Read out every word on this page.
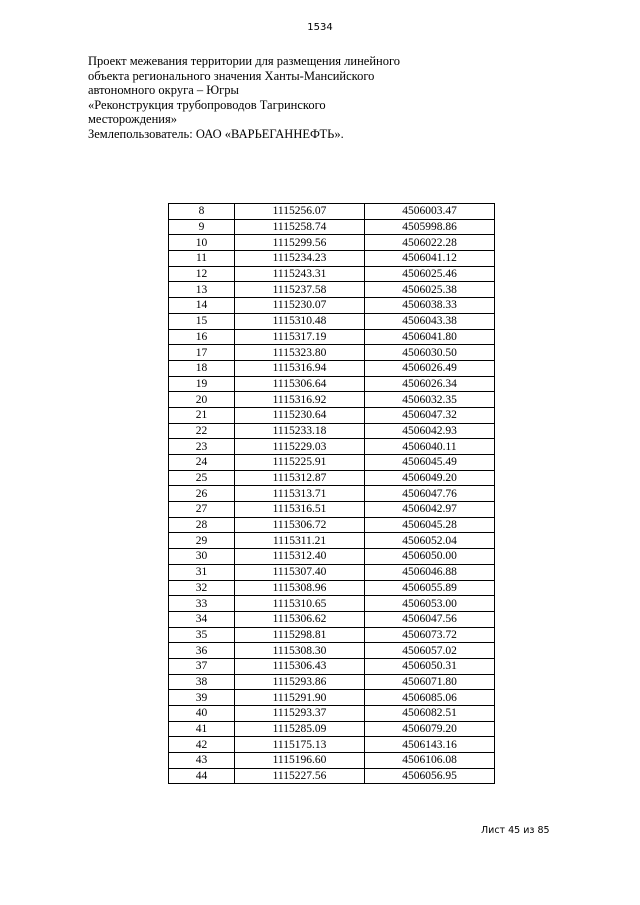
1534
Проект межевания территории для размещения линейного
объекта регионального значения Ханты-Мансийского
автономного округа – Югры
«Реконструкция трубопроводов Тагринского
месторождения»
Землепользователь: ОАО «ВАРЬЕГАННЕФТЬ».
8	1115256.07	4506003.47
9	1115258.74	4505998.86
10	1115299.56	4506022.28
11	1115234.23	4506041.12
12	1115243.31	4506025.46
13	1115237.58	4506025.38
14	1115230.07	4506038.33
15	1115310.48	4506043.38
16	1115317.19	4506041.80
17	1115323.80	4506030.50
18	1115316.94	4506026.49
19	1115306.64	4506026.34
20	1115316.92	4506032.35
21	1115230.64	4506047.32
22	1115233.18	4506042.93
23	1115229.03	4506040.11
24	1115225.91	4506045.49
25	1115312.87	4506049.20
26	1115313.71	4506047.76
27	1115316.51	4506042.97
28	1115306.72	4506045.28
29	1115311.21	4506052.04
30	1115312.40	4506050.00
31	1115307.40	4506046.88
32	1115308.96	4506055.89
33	1115310.65	4506053.00
34	1115306.62	4506047.56
35	1115298.81	4506073.72
36	1115308.30	4506057.02
37	1115306.43	4506050.31
38	1115293.86	4506071.80
39	1115291.90	4506085.06
40	1115293.37	4506082.51
41	1115285.09	4506079.20
42	1115175.13	4506143.16
43	1115196.60	4506106.08
44	1115227.56	4506056.95
Лист 45 из 85
